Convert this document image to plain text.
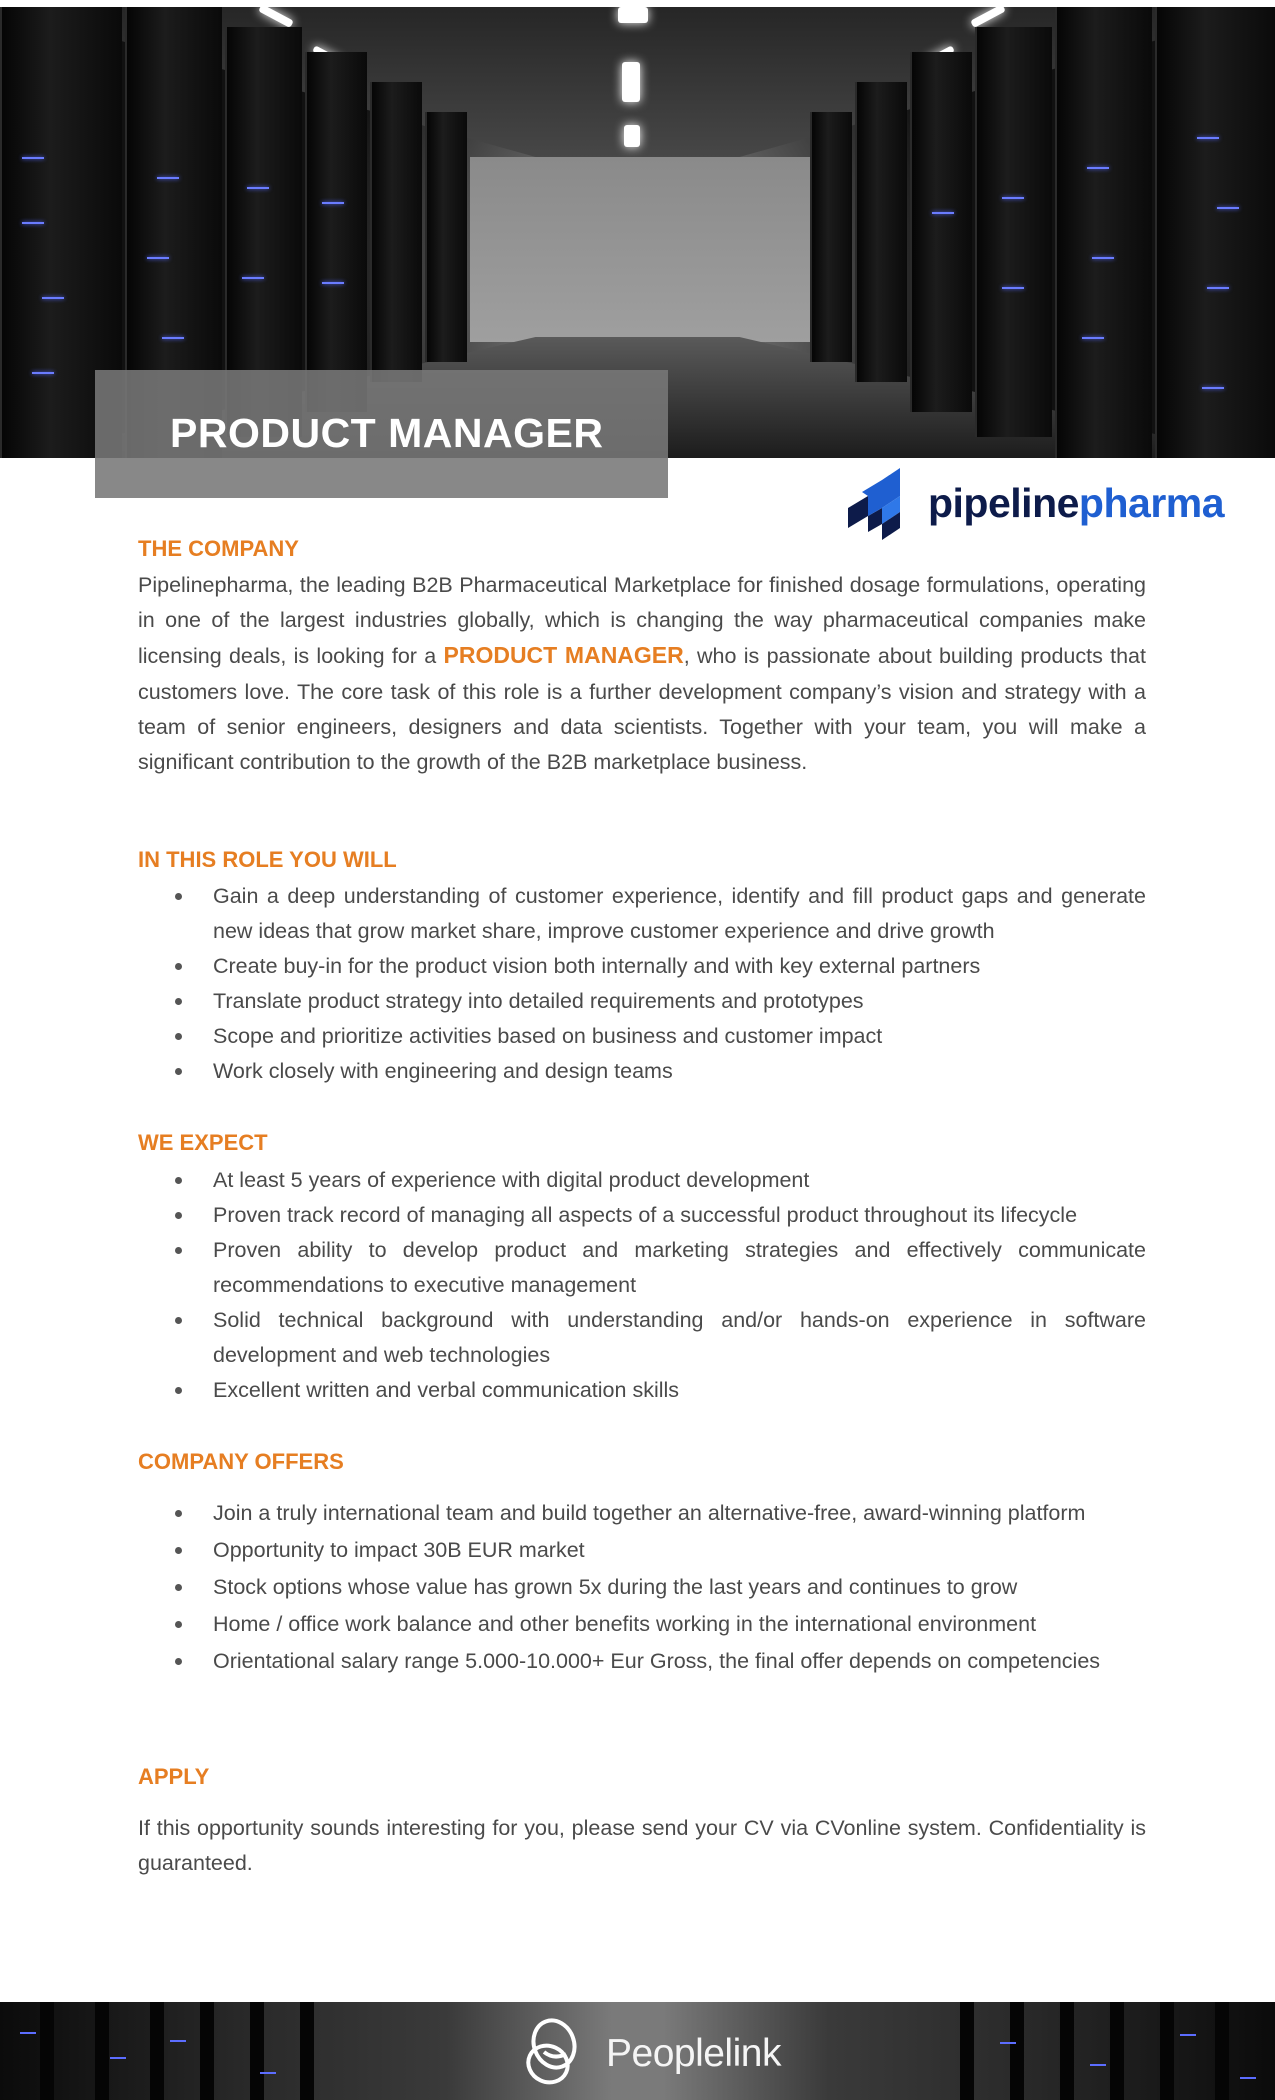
PRODUCT MANAGER
pipelinepharma
THE COMPANY
Pipelinepharma, the leading B2B Pharmaceutical Marketplace for finished dosage formulations, operating in one of the largest industries globally, which is changing the way pharmaceutical companies make licensing deals, is looking for a PRODUCT MANAGER, who is passionate about building products that customers love. The core task of this role is a further development company’s vision and strategy with a team of senior engineers, designers and data scientists. Together with your team, you will make a significant contribution to the growth of the B2B marketplace business.
IN THIS ROLE YOU WILL
Gain a deep understanding of customer experience, identify and fill product gaps and generate new ideas that grow market share, improve customer experience and drive growth
Create buy-in for the product vision both internally and with key external partners
Translate product strategy into detailed requirements and prototypes
Scope and prioritize activities based on business and customer impact
Work closely with engineering and design teams
WE EXPECT
At least 5 years of experience with digital product development
Proven track record of managing all aspects of a successful product throughout its lifecycle
Proven ability to develop product and marketing strategies and effectively communicate recommendations to executive management
Solid technical background with understanding and/or hands-on experience in software development and web technologies
Excellent written and verbal communication skills
COMPANY OFFERS
Join a truly international team and build together an alternative-free, award-winning platform
Opportunity to impact 30B EUR market
Stock options whose value has grown 5x during the last years and continues to grow
Home / office work balance and other benefits working in the international environment
Orientational salary range 5.000-10.000+ Eur Gross, the final offer depends on competencies
APPLY
If this opportunity sounds interesting for you, please send your CV via CVonline system. Confidentiality is guaranteed.
Peoplelink
